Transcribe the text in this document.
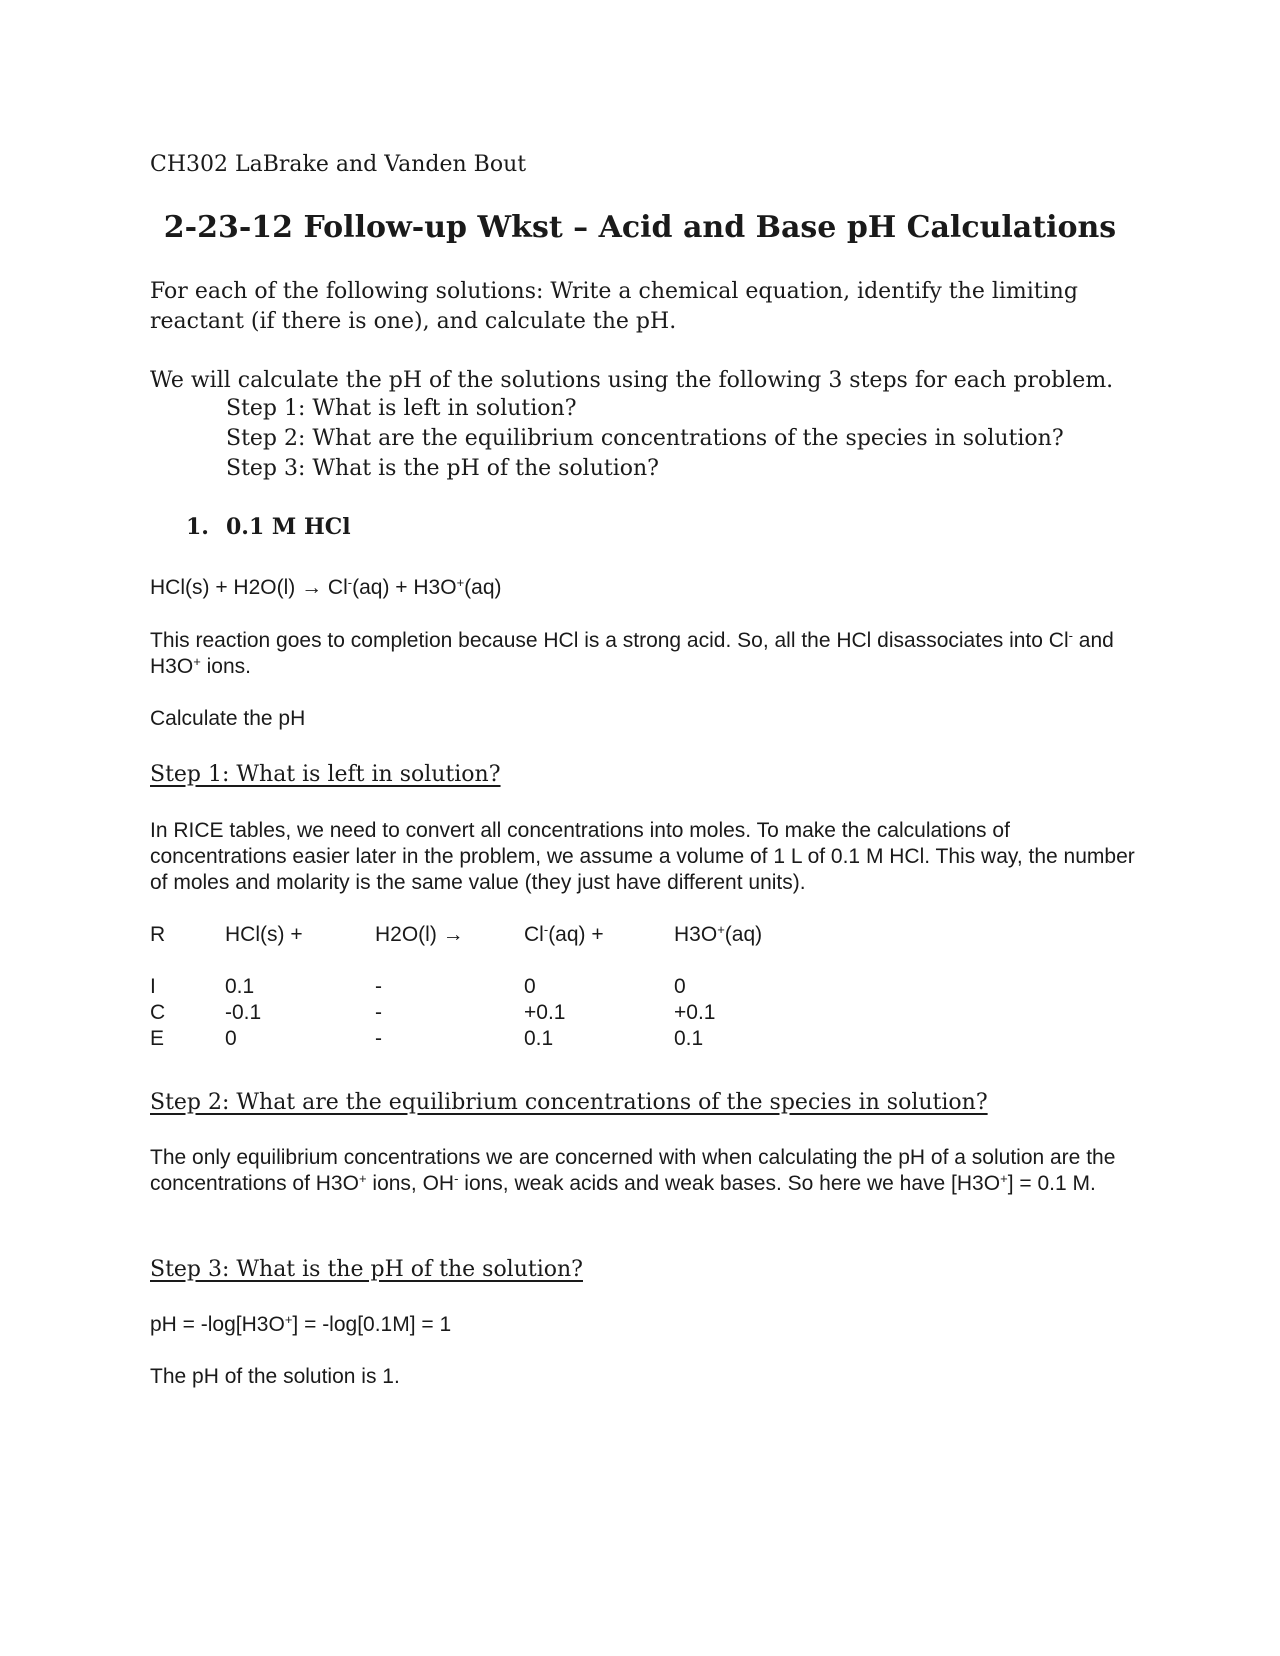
CH302 LaBrake and Vanden Bout
2-23-12 Follow-up Wkst – Acid and Base pH Calculations
For each of the following solutions: Write a chemical equation, identify the limiting reactant (if there is one), and calculate the pH.
We will calculate the pH of the solutions using the following 3 steps for each problem.
Step 1: What is left in solution?
Step 2: What are the equilibrium concentrations of the species in solution?
Step 3: What is the pH of the solution?
1. 0.1 M HCl
HCl(s) + H2O(l) → Cl-(aq) + H3O+(aq)
This reaction goes to completion because HCl is a strong acid. So, all the HCl disassociates into Cl- and H3O+ ions.
Calculate the pH
Step 1: What is left in solution?
In RICE tables, we need to convert all concentrations into moles. To make the calculations of concentrations easier later in the problem, we assume a volume of 1 L of 0.1 M HCl. This way, the number of moles and molarity is the same value (they just have different units).
R	HCl(s) +	H2O(l) →	Cl-(aq) +	H3O+(aq)
I	0.1	-	0	0
C	-0.1	-	+0.1	+0.1
E	0	-	0.1	0.1
Step 2: What are the equilibrium concentrations of the species in solution?
The only equilibrium concentrations we are concerned with when calculating the pH of a solution are the concentrations of H3O+ ions, OH- ions, weak acids and weak bases. So here we have [H3O+] = 0.1 M.
Step 3: What is the pH of the solution?
pH = -log[H3O+] = -log[0.1M] = 1
The pH of the solution is 1.
